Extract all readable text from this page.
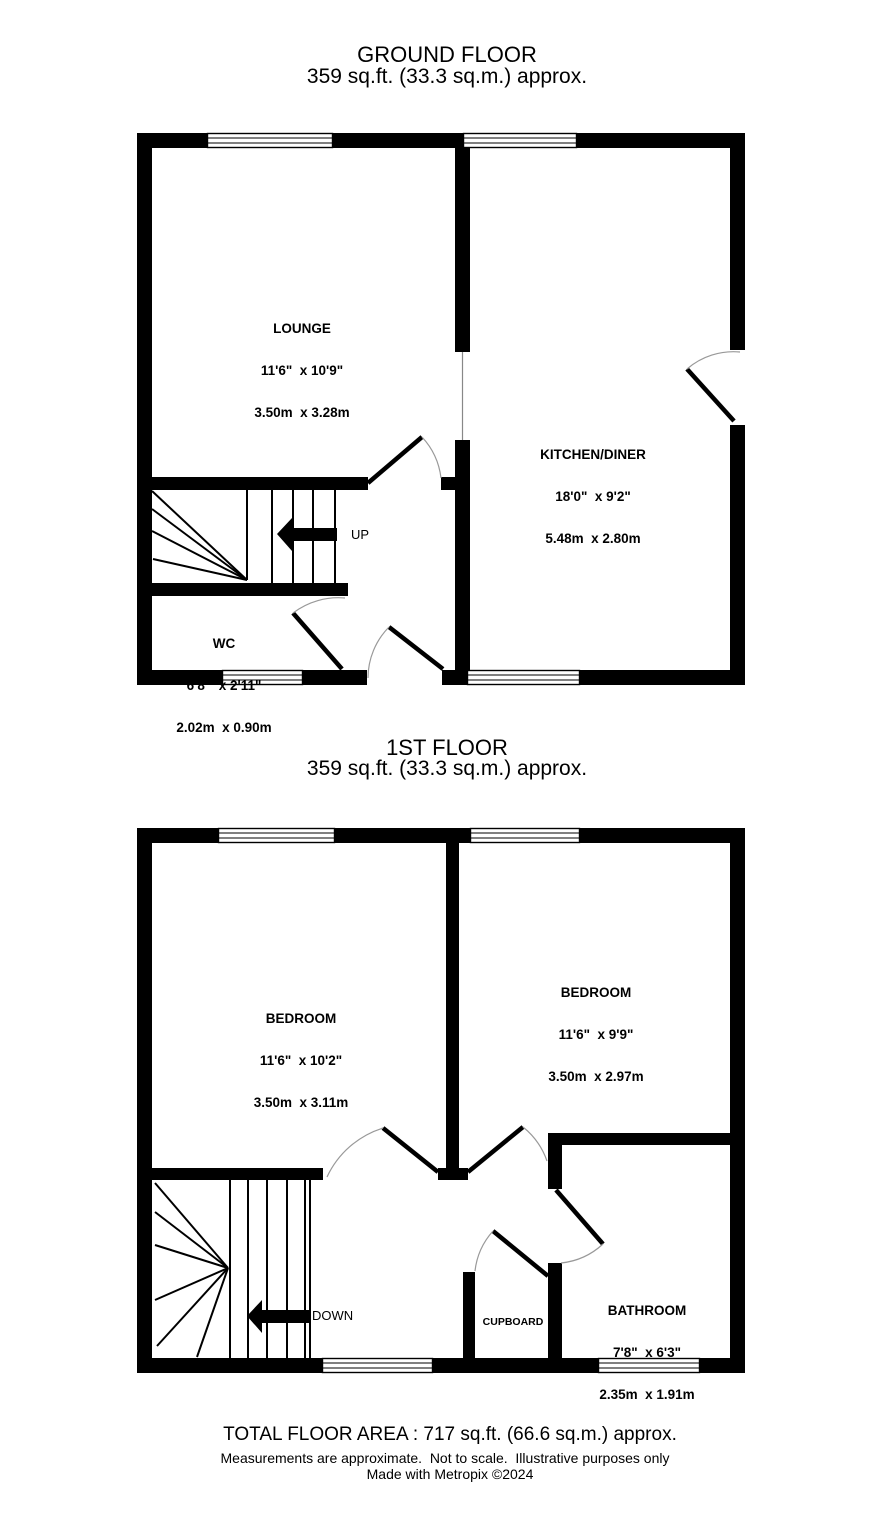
GROUND FLOOR
359 sq.ft. (33.3 sq.m.) approx.

LOUNGE

11'6"  x 10'9"

3.50m  x 3.28m

KITCHEN/DINER

18'0"  x 9'2"

5.48m  x 2.80m

WC

6'8"  x 2'11"

2.02m  x 0.90m

UP
1ST FLOOR
359 sq.ft. (33.3 sq.m.) approx.

BEDROOM

11'6"  x 10'2"

3.50m  x 3.11m

BEDROOM

11'6"  x 9'9"

3.50m  x 2.97m

BATHROOM

7'8"  x 6'3"

2.35m  x 1.91m

CUPBOARD
DOWN
TOTAL FLOOR AREA : 717 sq.ft. (66.6 sq.m.) approx.
Measurements are approximate.  Not to scale.  Illustrative purposes only
Made with Metropix ©2024
